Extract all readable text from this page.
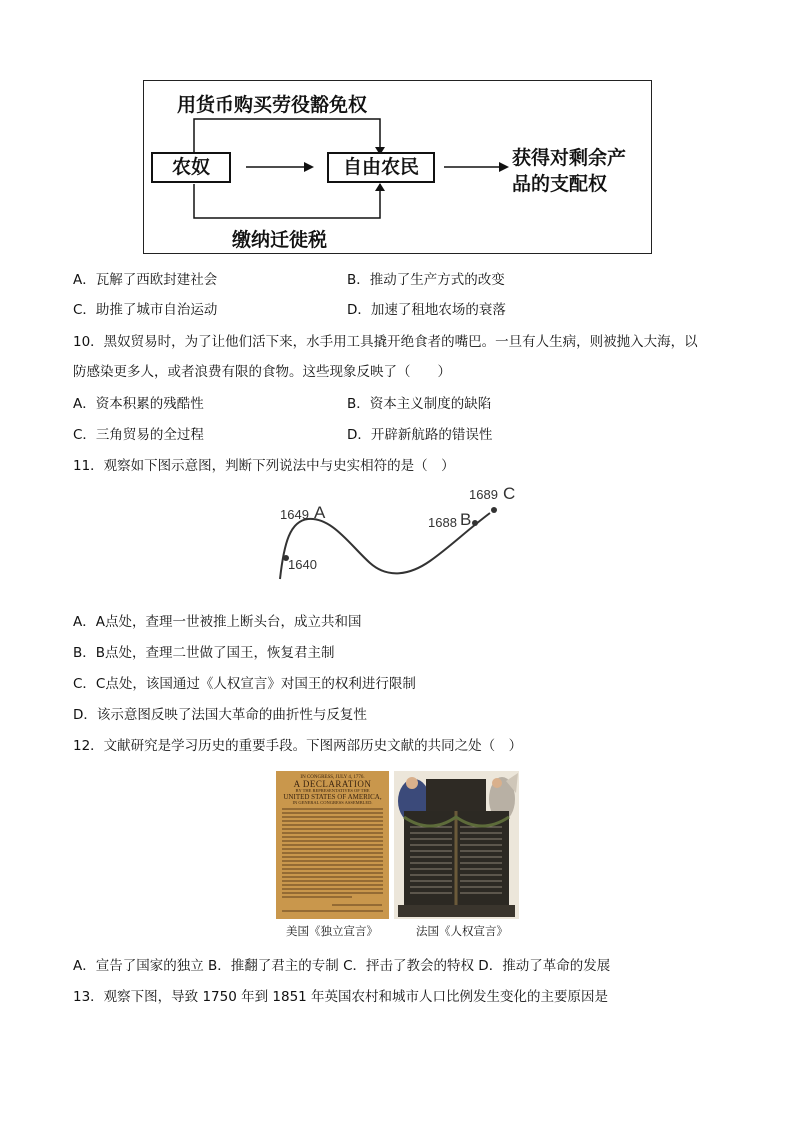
用货币购买劳役豁免权
农奴	自由农民	获得对剩余产
品的支配权
缴纳迁徙税
A．瓦解了西欧封建社会	B．推动了生产方式的改变
C．助推了城市自治运动	D．加速了租地农场的衰落
10．黑奴贸易时，为了让他们活下来，水手用工具撬开绝食者的嘴巴。一旦有人生病，则被抛入大海，以
防感染更多人，或者浪费有限的食物。这些现象反映了（　　）
A．资本积累的残酷性	B．资本主义制度的缺陷
C．三角贸易的全过程	D．开辟新航路的错误性
11．观察如下图示意图，判断下列说法中与史实相符的是（　）
1649 A
1640
1688 B
1689 C
A．A点处，查理一世被推上断头台，成立共和国
B．B点处，查理二世做了国王，恢复君主制
C．C点处，该国通过《人权宣言》对国王的权利进行限制
D．该示意图反映了法国大革命的曲折性与反复性
12．文献研究是学习历史的重要手段。下图两部历史文献的共同之处（　）
IN CONGRESS, JULY 4, 1776.
A DECLARATION
BY THE REPRESENTATIVES OF THE
UNITED STATES OF AMERICA,
IN GENERAL CONGRESS ASSEMBLED.
美国《独立宣言》	法国《人权宣言》
A．宣告了国家的独立 B．推翻了君主的专制 C．抨击了教会的特权 D．推动了革命的发展
13．观察下图，导致 1750 年到 1851 年英国农村和城市人口比例发生变化的主要原因是
